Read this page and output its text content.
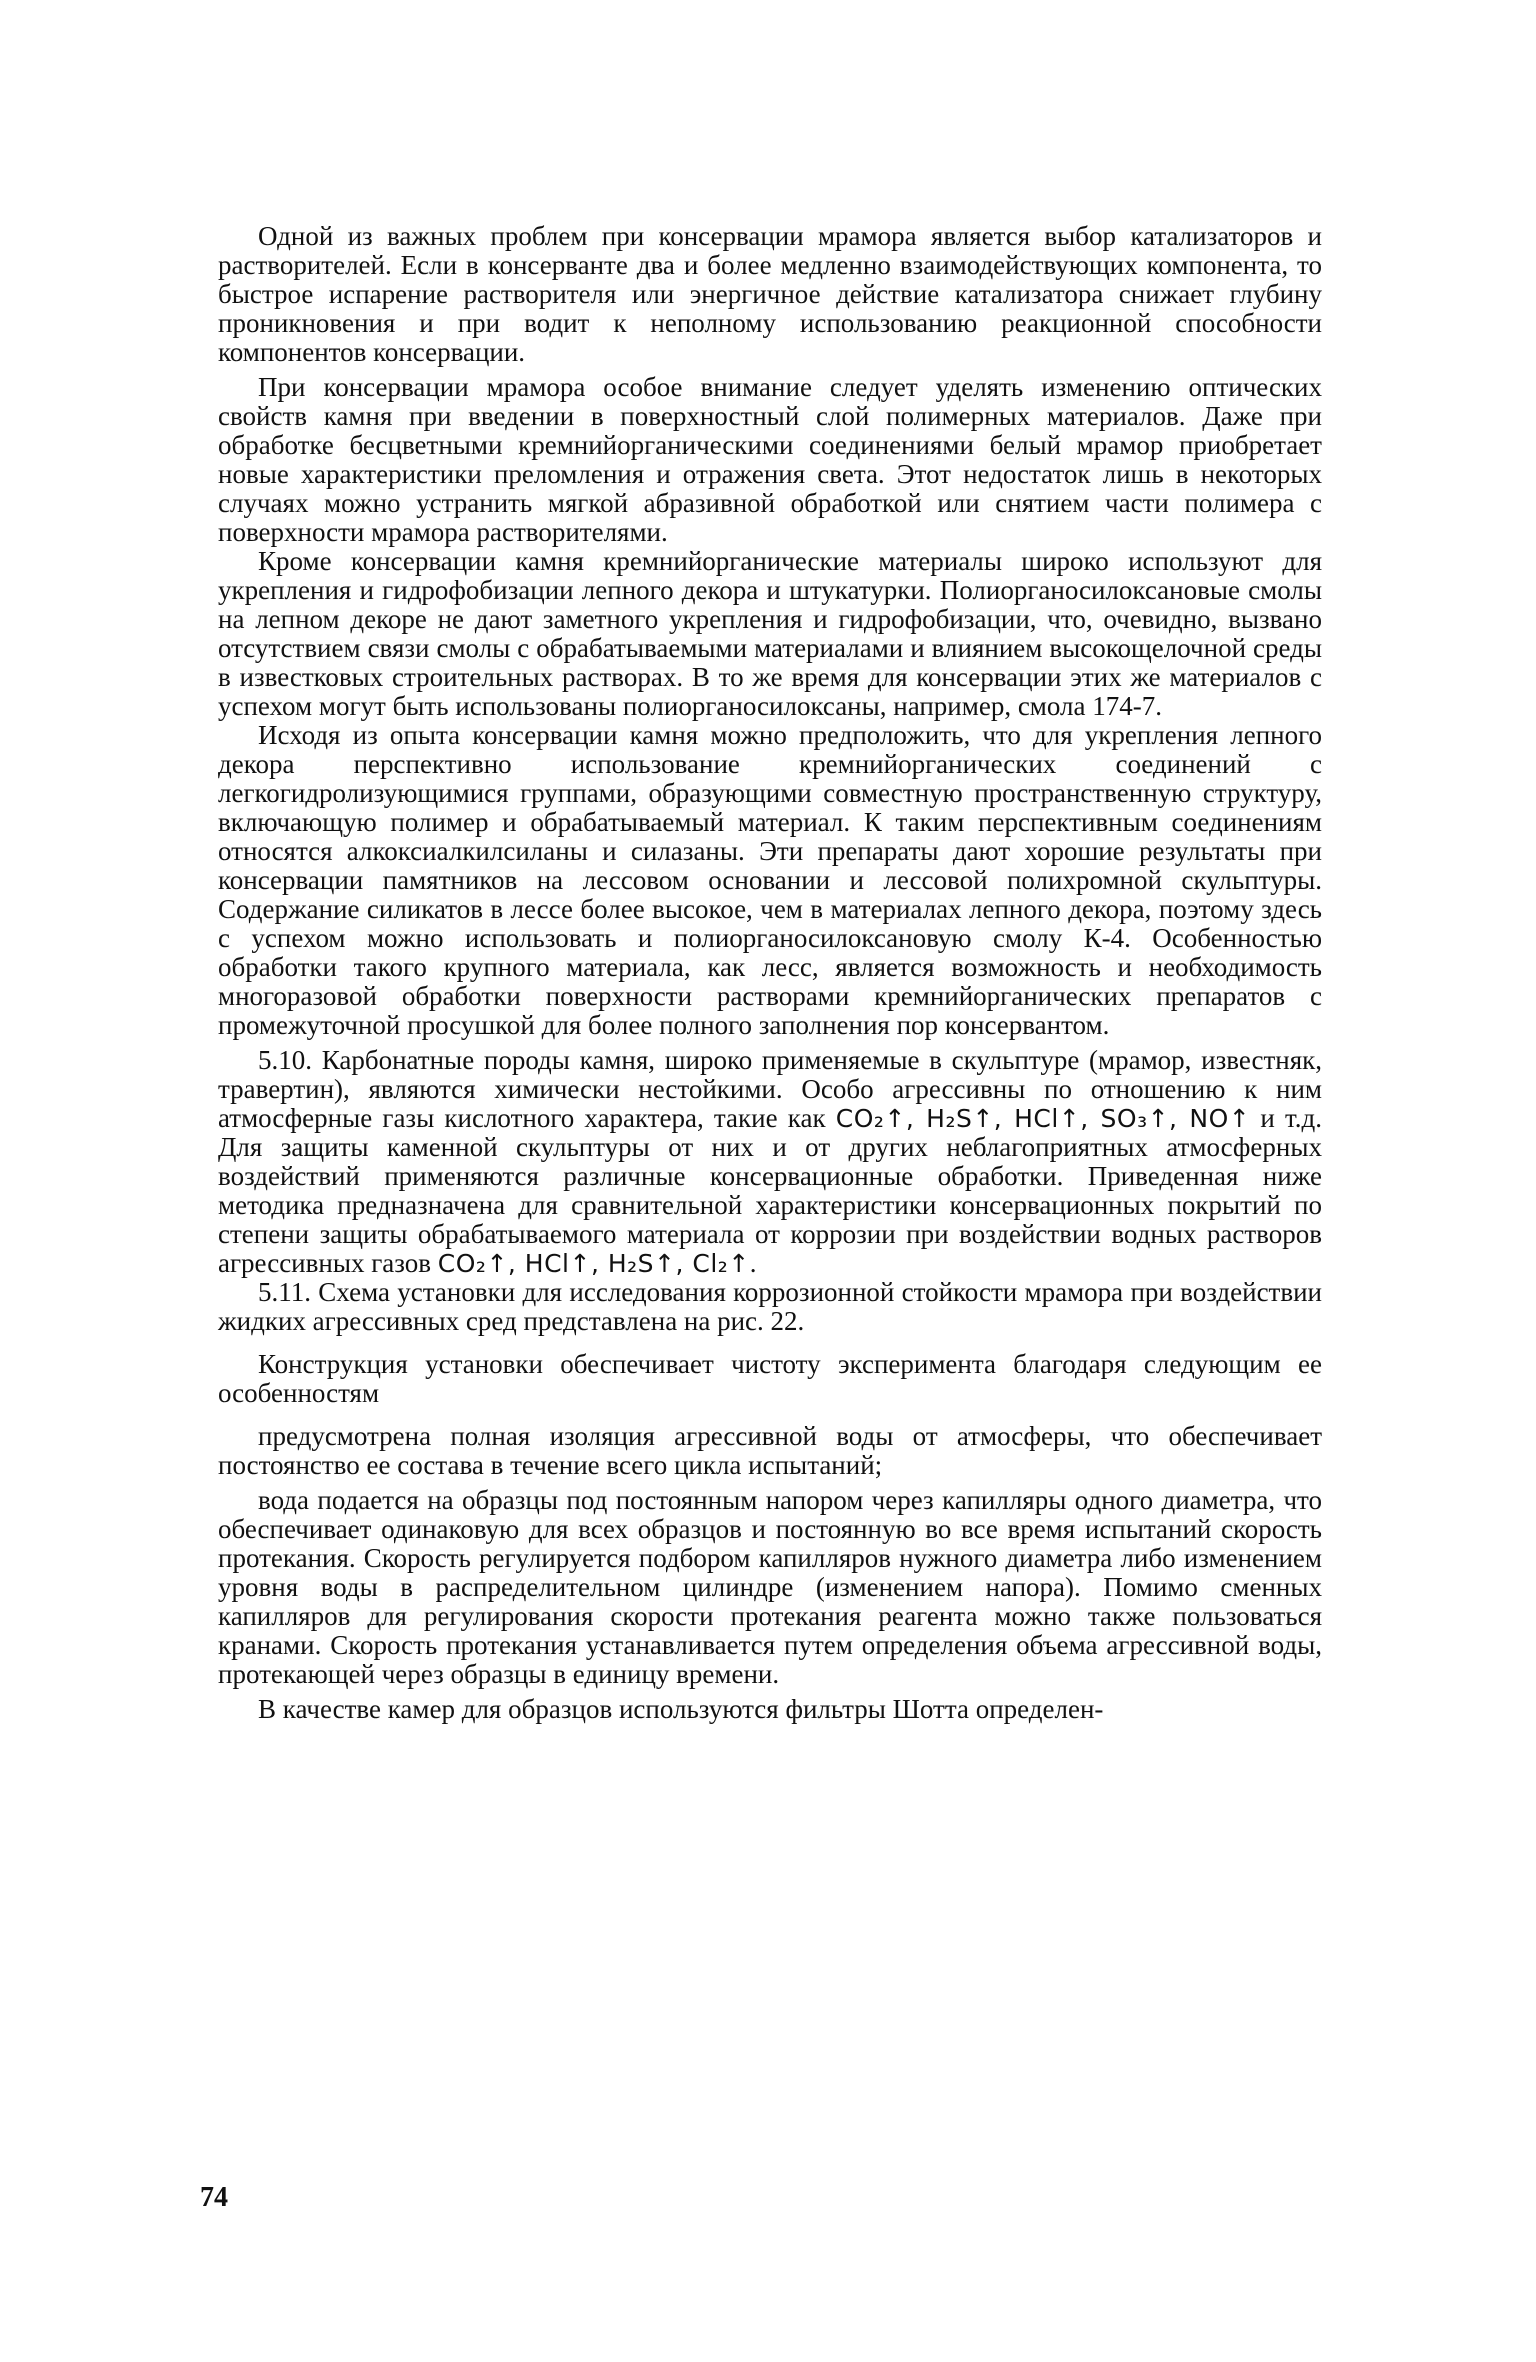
Одной из важных проблем при консервации мрамора является выбор катализаторов и растворителей. Если в консерванте два и более медленно взаимодействующих компонента, то быстрое испарение растворителя или энергичное действие катализатора снижает глубину проникновения и при водит к неполному использованию реакционной способности компонентов консервации.

При консервации мрамора особое внимание следует уделять изменению оптических свойств камня при введении в поверхностный слой полимерных материалов. Даже при обработке бесцветными кремнийорганическими соединениями белый мрамор приобретает новые характеристики преломления и отражения света. Этот недостаток лишь в некоторых случаях можно устранить мягкой абразивной обработкой или снятием части полимера с поверхности мрамора растворителями.

Кроме консервации камня кремнийорганические материалы широко используют для укрепления и гидрофобизации лепного декора и штукатурки. Полиорганосилоксановые смолы на лепном декоре не дают заметного укрепления и гидрофобизации, что, очевидно, вызвано отсутствием связи смолы с обрабатываемыми материалами и влиянием высокощелочной среды в известковых строительных растворах. В то же время для консервации этих же материалов с успехом могут быть использованы полиорганосилоксаны, например, смола 174-7.

Исходя из опыта консервации камня можно предположить, что для укрепления лепного декора перспективно использование кремнийорганических соединений с легкогидролизующимися группами, образующими совместную пространственную структуру, включающую полимер и обрабатываемый материал. К таким перспективным соединениям относятся алкоксиалкилсиланы и силазаны. Эти препараты дают хорошие результаты при консервации памятников на лессовом основании и лессовой полихромной скульптуры. Содержание силикатов в лессе более высокое, чем в материалах лепного декора, поэтому здесь с успехом можно использовать и полиорганосилоксановую смолу К-4. Особенностью обработки такого крупного материала, как лесс, является возможность и необходимость многоразовой обработки поверхности растворами кремнийорганических препаратов с промежуточной просушкой для более полного заполнения пор консервантом.

5.10. Карбонатные породы камня, широко применяемые в скульптуре (мрамор, известняк, травертин), являются химически нестойкими. Особо агрессивны по отношению к ним атмосферные газы кислотного характера, такие как CO₂↑, H₂S↑, HCl↑, SO₃↑, NO↑ и т.д. Для защиты каменной скульптуры от них и от других неблагоприятных атмосферных воздействий применяются различные консервационные обработки. Приведенная ниже методика предназначена для сравнительной характеристики консервационных покрытий по степени защиты обрабатываемого материала от коррозии при воздействии водных растворов агрессивных газов CO₂↑, HCl↑, H₂S↑, Cl₂↑.

5.11. Схема установки для исследования коррозионной стойкости мрамора при воздействии жидких агрессивных сред представлена на рис. 22.

Конструкция установки обеспечивает чистоту эксперимента благодаря следующим ее особенностям

предусмотрена полная изоляция агрессивной воды от атмосферы, что обеспечивает постоянство ее состава в течение всего цикла испытаний;

вода подается на образцы под постоянным напором через капилляры одного диаметра, что обеспечивает одинаковую для всех образцов и постоянную во все время испытаний скорость протекания. Скорость регулируется подбором капилляров нужного диаметра либо изменением уровня воды в распределительном цилиндре (изменением напора). Помимо сменных капилляров для регулирования скорости протекания реагента можно также пользоваться кранами. Скорость протекания устанавливается путем определения объема агрессивной воды, протекающей через образцы в единицу времени.

В качестве камер для образцов используются фильтры Шотта определен-

74
